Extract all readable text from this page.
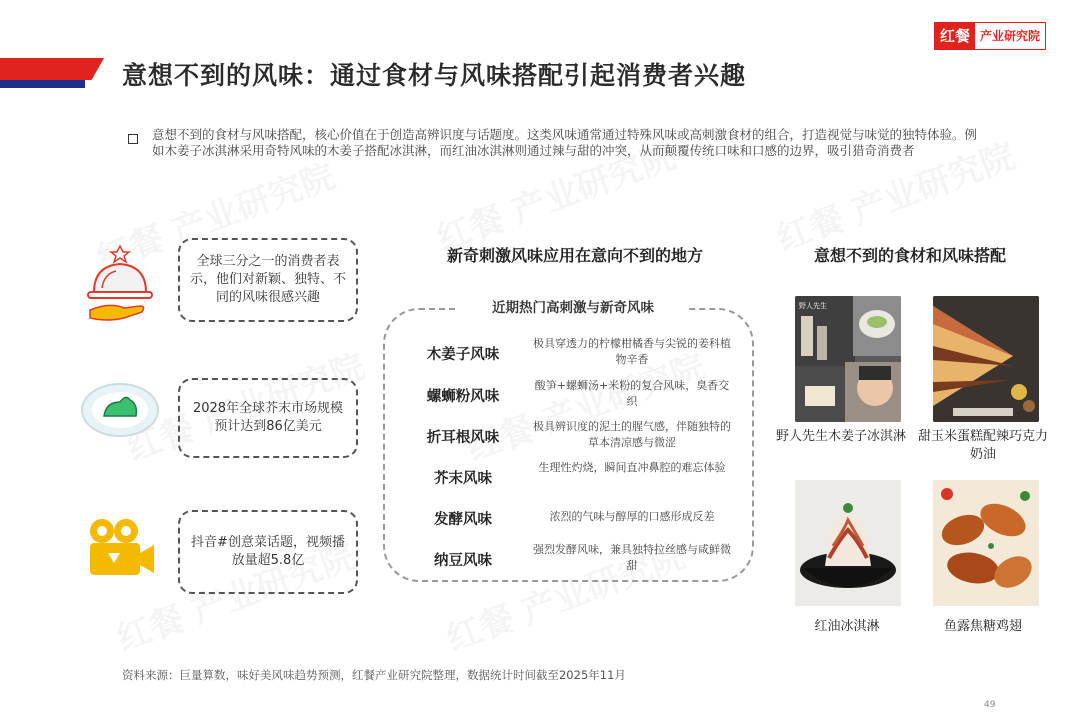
意想不到的风味：通过食材与风味搭配引起消费者兴趣
红餐 产业研究院
意想不到的食材与风味搭配，核心价值在于创造高辨识度与话题度。这类风味通常通过特殊风味或高刺激食材的组合，打造视觉与味觉的独特体验。例如木姜子冰淇淋采用奇特风味的木姜子搭配冰淇淋，而红油冰淇淋则通过辣与甜的冲突，从而颠覆传统口味和口感的边界，吸引猎奇消费者
全球三分之一的消费者表示，他们对新颖、独特、不同的风味很感兴趣
2028年全球芥末市场规模预计达到86亿美元
抖音#创意菜话题，视频播放量超5.8亿
新奇刺激风味应用在意向不到的地方
近期热门高刺激与新奇风味
木姜子风味
极具穿透力的柠檬柑橘香与尖锐的姜科植物辛香
螺蛳粉风味
酸笋+螺蛳汤+米粉的复合风味，臭香交织
折耳根风味
极具辨识度的泥土的腥气感，伴随独特的草本清凉感与微涩
芥末风味
生理性灼烧，瞬间直冲鼻腔的难忘体验
发酵风味	浓烈的气味与醇厚的口感形成反差
纳豆风味
强烈发酵风味，兼具独特拉丝感与咸鲜微甜
意想不到的食材和风味搭配
野人先生
野人先生木姜子冰淇淋 甜玉米蛋糕配辣巧克力奶油
红油冰淇淋	鱼露焦糖鸡翅
资料来源：巨量算数，味好美风味趋势预测，红餐产业研究院整理，数据统计时间截至2025年11月
49
